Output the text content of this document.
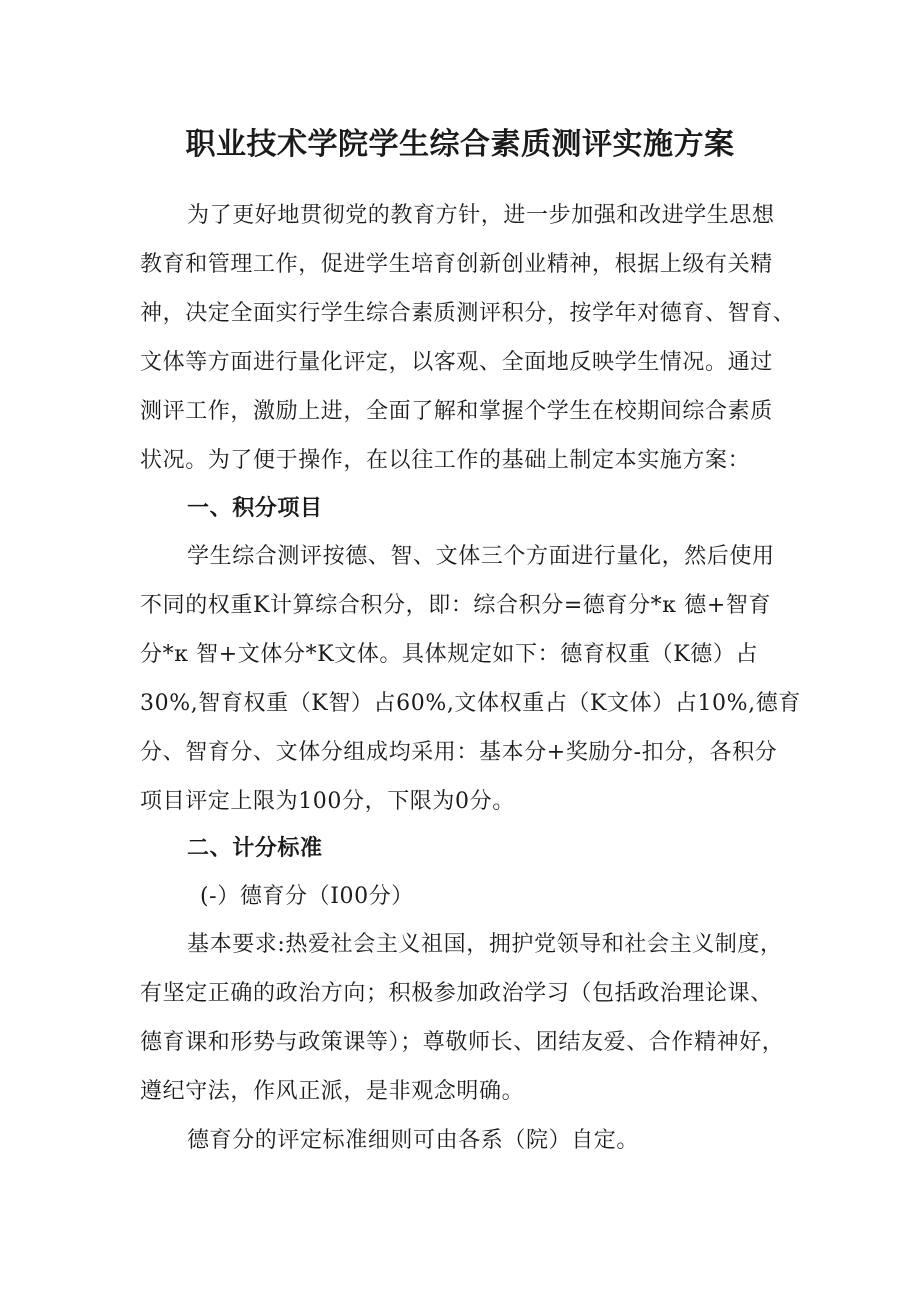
职业技术学院学生综合素质测评实施方案
为了更好地贯彻党的教育方针，进一步加强和改进学生思想
教育和管理工作，促进学生培育创新创业精神，根据上级有关精
神，决定全面实行学生综合素质测评积分，按学年对德育、智育、
文体等方面进行量化评定，以客观、全面地反映学生情况。通过
测评工作，激励上进，全面了解和掌握个学生在校期间综合素质
状况。为了便于操作，在以往工作的基础上制定本实施方案：
一、积分项目
学生综合测评按德、智、文体三个方面进行量化，然后使用
不同的权重K计算综合积分，即：综合积分=德育分*κ 德+智育
分*κ 智+文体分*K文体。具体规定如下：德育权重（K德）占
30%,智育权重（K智）占60%,文体权重占（K文体）占10%,德育
分、智育分、文体分组成均采用：基本分+奖励分-扣分，各积分
项目评定上限为100分，下限为0分。
二、计分标准
(-）德育分（I00分）
基本要求:热爱社会主义祖国，拥护党领导和社会主义制度，
有坚定正确的政治方向；积极参加政治学习（包括政治理论课、
德育课和形势与政策课等）；尊敬师长、团结友爱、合作精神好，
遵纪守法，作风正派，是非观念明确。
德育分的评定标准细则可由各系（院）自定。
